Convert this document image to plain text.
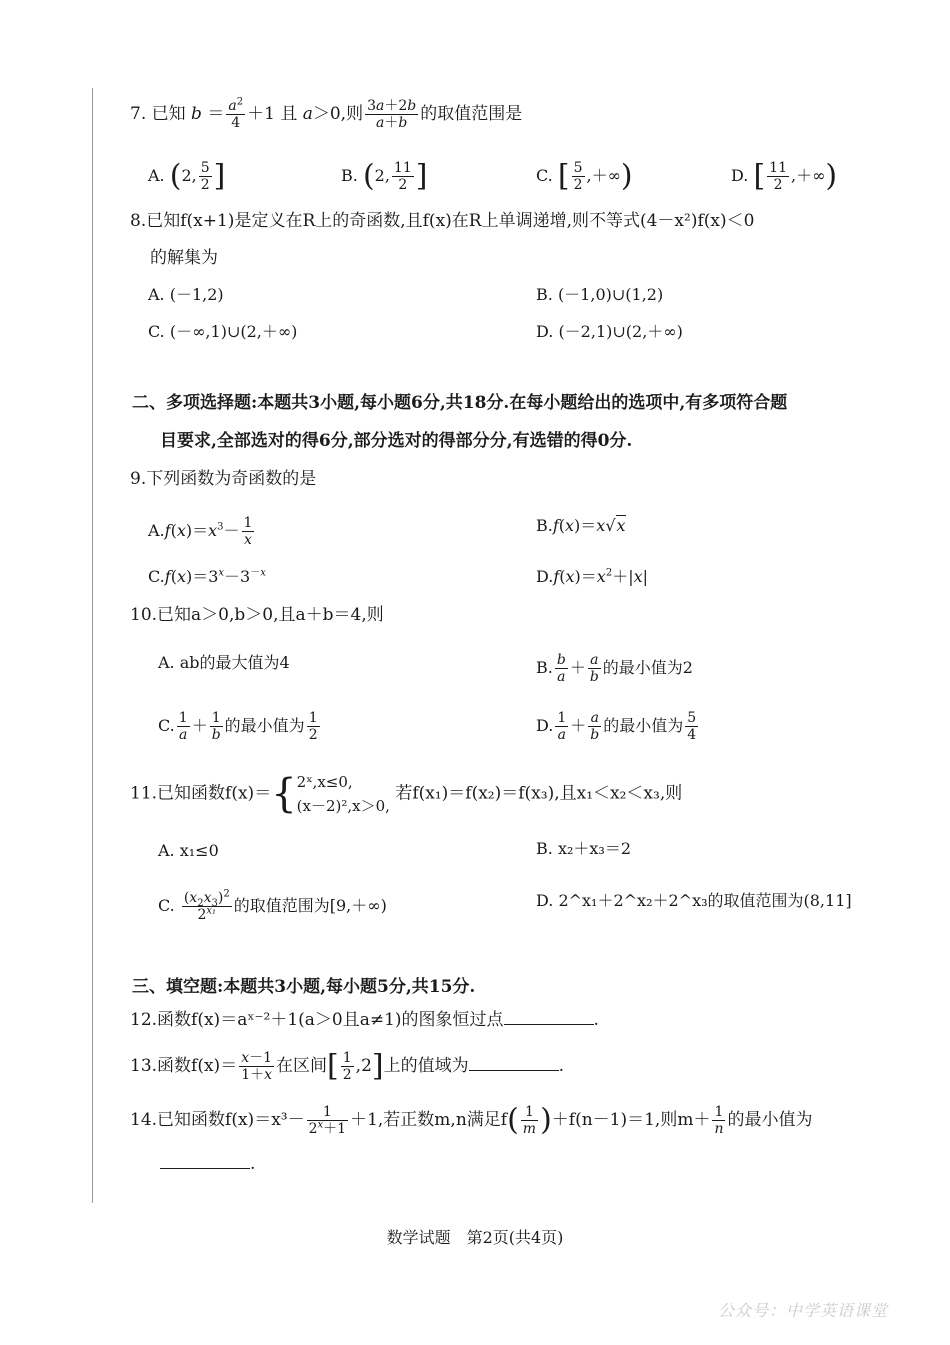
7. 已知 $b = \frac{a^2}{4} +1$ 且 a＞0,则 $\frac{3a+2b}{a+b}$ 的取值范围是
A. (2, $\frac{5}{2}$ ]	B. (2, $\frac{11}{2}$ ]	C. [ $\frac{5}{2}$ ,＋∞)	D. [ $\frac{11}{2}$ ,＋∞)
8.已知f(x+1)是定义在R上的奇函数,且f(x)在R上单调递增,则不等式(4－x²)f(x)＜0
的解集为
A. (－1,2)	B. (－1,0)∪(1,2)
C. (－∞,1)∪(2,＋∞)	D. (－2,1)∪(2,＋∞)
二、多项选择题:本题共3小题,每小题6分,共18分.在每小题给出的选项中,有多项符合题
目要求,全部选对的得6分,部分选对的得部分分,有选错的得0分.
9.下列函数为奇函数的是
$A.f(x)=x^3- \frac{1}{x}$	B.f(x)＝x√x
$C.f(x)=3^x-3^{-x}$	$D.f(x)=x^2+|x|$
10.已知a＞0,b＞0,且a＋b＝4,则
A. ab的最大值为4	B. $\frac{b}{a} + \frac{a}{b}$ 的最小值为2
C. $\frac{1}{a} + \frac{1}{b}$ 的最小值为 $\frac{1}{2}$	D. $\frac{1}{a} + \frac{a}{b}$ 的最小值为 $\frac{5}{4}$
11.已知函数f(x)＝{ 2ˣ,x≤0,
(x－2)²,x＞0,
若f(x₁)＝f(x₂)＝f(x₃),且x₁＜x₂＜x₃,则
A. x₁≤0	B. x₂＋x₃＝2
C. $\frac{(x_2x_3)^2}{2^{x_1}}$ 的取值范围为[9,＋∞)	D. 2^x₁＋2^x₂＋2^x₃的取值范围为(8,11]
三、填空题:本题共3小题,每小题5分,共15分.
12.函数f(x)＝aˣ⁻²＋1(a＞0且a≠1)的图象恒过点	.
13.函数$f(x)= \frac{x-1}{1+x}$ 在区间[ $\frac{1}{2} ,2$]上的值域为	.
14.已知函数$f(x)=x^3- \frac{1}{2^x+1} +1$,若正数m,n满足$f( \frac{1}{m} )+f(n-1)=1$,则$m+ \frac{1}{n}$ 的最小值为
.
数学试题　第2页(共4页)
公众号：中学英语课堂
